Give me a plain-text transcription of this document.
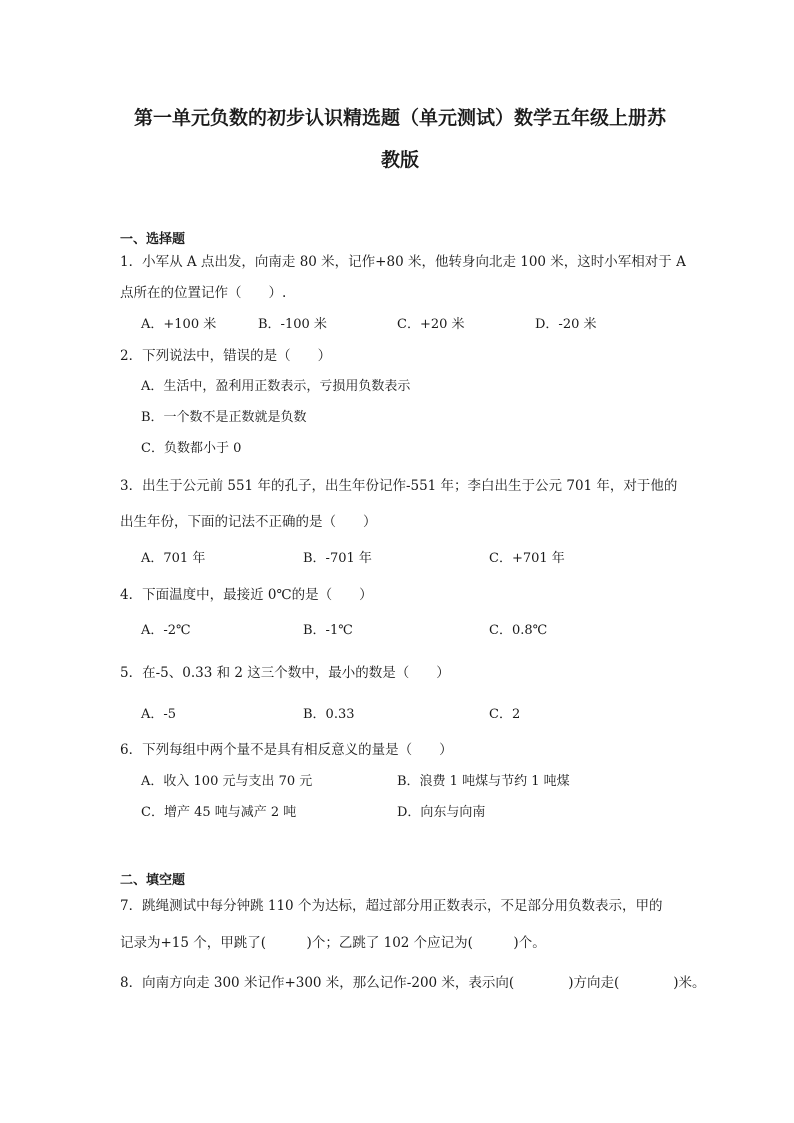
第一单元负数的初步认识精选题（单元测试）数学五年级上册苏
教版
一、选择题
1．小军从 A 点出发，向南走 80 米，记作+80 米，他转身向北走 100 米，这时小军相对于 A
点所在的位置记作（　　）.
A．+100 米	B．-100 米	C．+20 米	D．-20 米
2．下列说法中，错误的是（　　）
A．生活中，盈利用正数表示，亏损用负数表示
B．一个数不是正数就是负数
C．负数都小于 0
3．出生于公元前 551 年的孔子，出生年份记作-551 年；李白出生于公元 701 年，对于他的
出生年份，下面的记法不正确的是（　　）
A．701 年	B．-701 年	C．+701 年
4．下面温度中，最接近 0℃的是（　　）
A．-2℃	B．-1℃	C．0.8℃
5．在-5、0.33 和 2 这三个数中，最小的数是（　　）
A．-5	B．0.33	C．2
6．下列每组中两个量不是具有相反意义的量是（　　）
A．收入 100 元与支出 70 元	B．浪费 1 吨煤与节约 1 吨煤
C．增产 45 吨与减产 2 吨	D．向东与向南
二、填空题
7．跳绳测试中每分钟跳 110 个为达标，超过部分用正数表示，不足部分用负数表示，甲的
记录为+15 个，甲跳了(　　　)个；乙跳了 102 个应记为(　　　)个。
8．向南方向走 300 米记作+300 米，那么记作-200 米，表示向(　　　　)方向走(　　　　)米。
